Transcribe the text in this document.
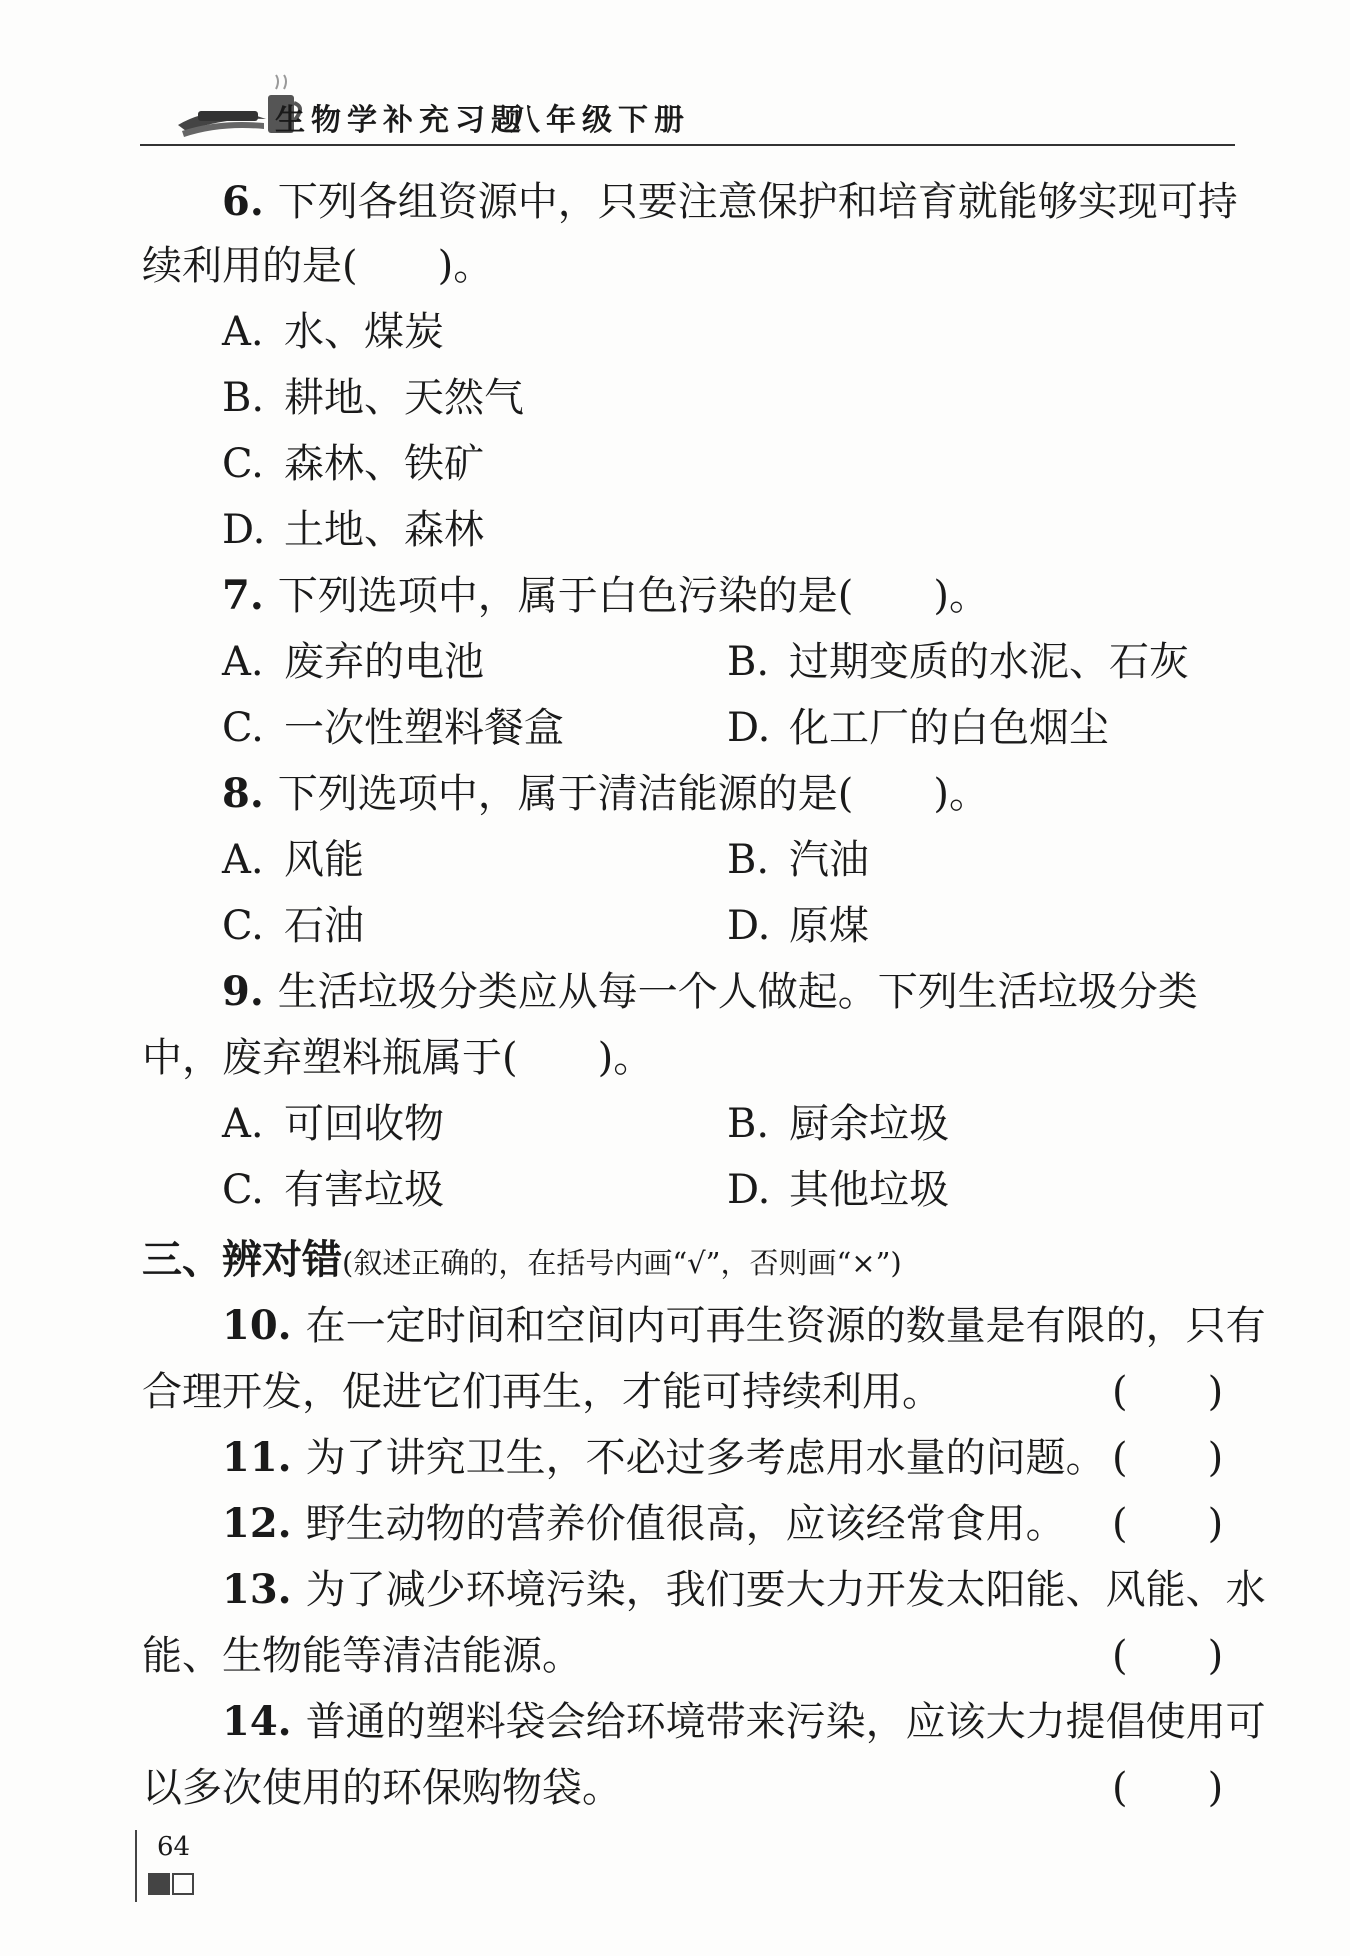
生物学补充习题
八年级下册
6. 下列各组资源中，只要注意保护和培育就能够实现可持
续利用的是(　　)。
A. 水、煤炭
B. 耕地、天然气
C. 森林、铁矿
D. 土地、森林
7. 下列选项中，属于白色污染的是(　　)。
A. 废弃的电池	B. 过期变质的水泥、石灰
C. 一次性塑料餐盒	D. 化工厂的白色烟尘
8. 下列选项中，属于清洁能源的是(　　)。
A. 风能	B. 汽油
C. 石油	D. 原煤
9. 生活垃圾分类应从每一个人做起。下列生活垃圾分类
中，废弃塑料瓶属于(　　)。
A. 可回收物	B. 厨余垃圾
C. 有害垃圾	D. 其他垃圾
三、辨对错(叙述正确的，在括号内画“√”，否则画“×”)
10. 在一定时间和空间内可再生资源的数量是有限的，只有
合理开发，促进它们再生，才能可持续利用。	(　　)
11. 为了讲究卫生，不必过多考虑用水量的问题。 (　　)
12. 野生动物的营养价值很高，应该经常食用。 (　　)
13. 为了减少环境污染，我们要大力开发太阳能、风能、水
能、生物能等清洁能源。	(　　)
14. 普通的塑料袋会给环境带来污染，应该大力提倡使用可
以多次使用的环保购物袋。	(　　)
64
